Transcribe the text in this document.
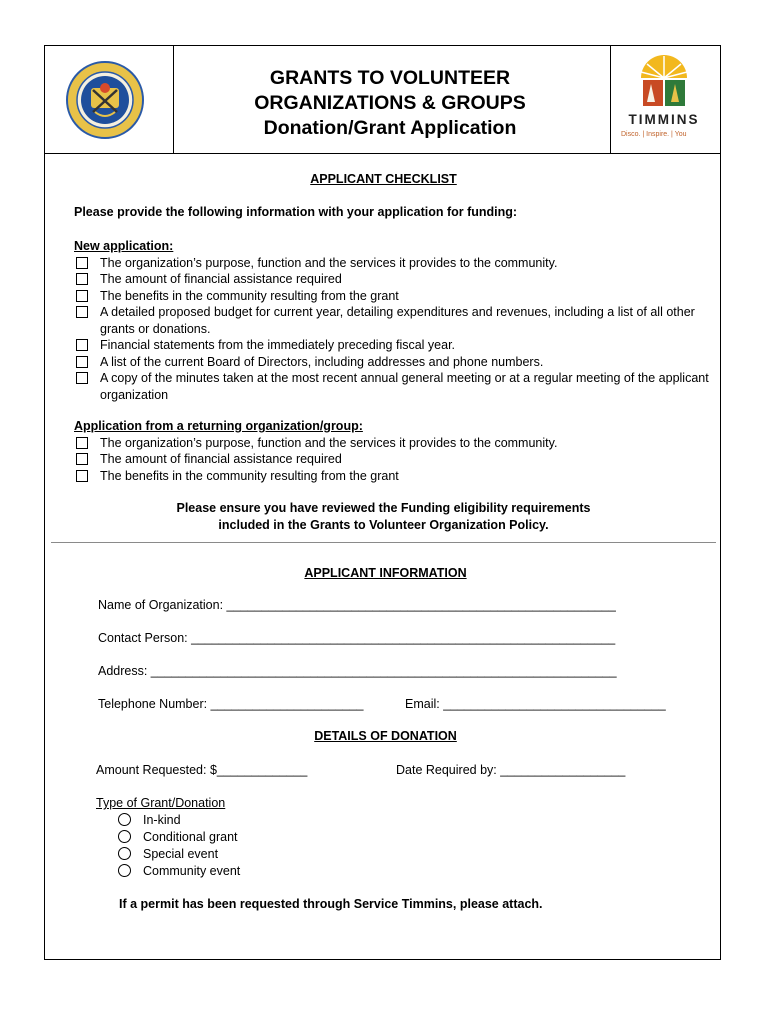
GRANTS TO VOLUNTEER
ORGANIZATIONS & GROUPS
Donation/Grant Application	TIMMINS
Disco. | Inspire. | You
APPLICANT CHECKLIST
Please provide the following information with your application for funding:
New application:
The organization’s purpose, function and the services it provides to the community.
The amount of financial assistance required
The benefits in the community resulting from the grant
A detailed proposed budget for current year, detailing expenditures and revenues, including a list of all other grants or donations.
Financial statements from the immediately preceding fiscal year.
A list of the current Board of Directors, including addresses and phone numbers.
A copy of the minutes taken at the most recent annual general meeting or at a regular meeting of the applicant organization
Application from a returning organization/group:
The organization’s purpose, function and the services it provides to the community.
The amount of financial assistance required
The benefits in the community resulting from the grant
Please ensure you have reviewed the Funding eligibility requirements
included in the Grants to Volunteer Organization Policy.
APPLICANT INFORMATION
Name of Organization: ________________________________________________________
Contact Person: _____________________________________________________________
Address: ___________________________________________________________________
Telephone Number: ______________________	Email: ________________________________
DETAILS OF DONATION
Amount Requested: $_____________	Date Required by: __________________
Type of Grant/Donation
In-kind
Conditional grant
Special event
Community event
If a permit has been requested through Service Timmins, please attach.
